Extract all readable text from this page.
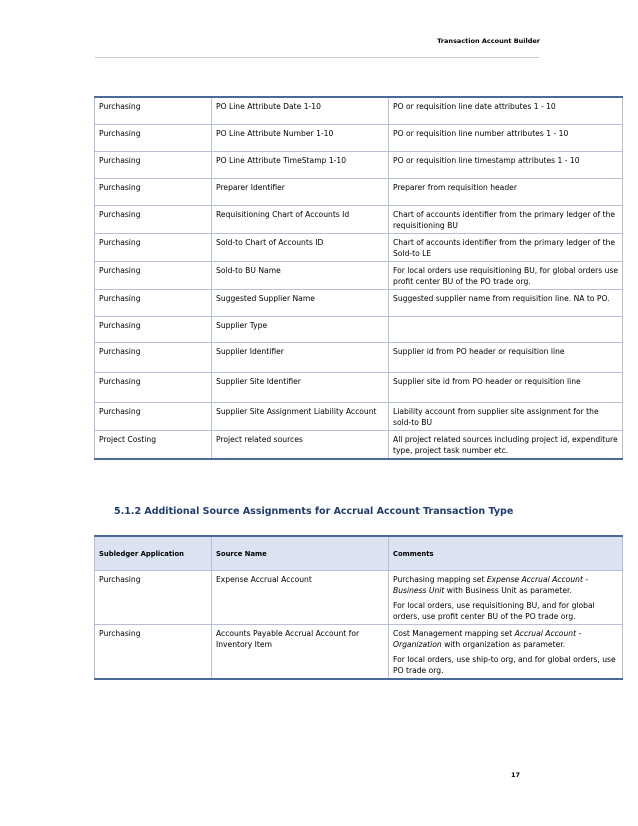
Transaction Account Builder
Purchasing	PO Line Attribute Date 1-10	PO or requisition line date attributes 1 - 10
Purchasing	PO Line Attribute Number 1-10	PO or requisition line number attributes 1 - 10
Purchasing	PO Line Attribute TimeStamp 1-10	PO or requisition line timestamp attributes 1 - 10
Purchasing	Preparer Identifier	Preparer from requisition header
Purchasing	Requisitioning Chart of Accounts Id	Chart of accounts identifier from the primary ledger of the requisitioning BU
Purchasing	Sold-to Chart of Accounts ID	Chart of accounts identifier from the primary ledger of the Sold-to LE
Purchasing	Sold-to BU Name	For local orders use requisitioning BU, for global orders use profit center BU of the PO trade org.
Purchasing	Suggested Supplier Name	Suggested supplier name from requisition line. NA to PO.
Purchasing	Supplier Type	
Purchasing	Supplier Identifier	Supplier id from PO header or requisition line
Purchasing	Supplier Site Identifier	Supplier site id from PO header or requisition line
Purchasing	Supplier Site Assignment Liability Account	Liability account from supplier site assignment for the sold-to BU
Project Costing	Project related sources	All project related sources including project id, expenditure type, project task number etc.
5.1.2 Additional Source Assignments for Accrual Account Transaction Type
Subledger Application	Source Name	Comments
Purchasing	Expense Accrual Account	Purchasing mapping set Expense Accrual Account - Business Unit with Business Unit as parameter.

For local orders, use requisitioning BU, and for global orders, use profit center BU of the PO trade org.

Purchasing	Accounts Payable Accrual Account for Inventory Item	Cost Management mapping set Accrual Account - Organization with organization as parameter.

For local orders, use ship-to org, and for global orders, use PO trade org.

17
